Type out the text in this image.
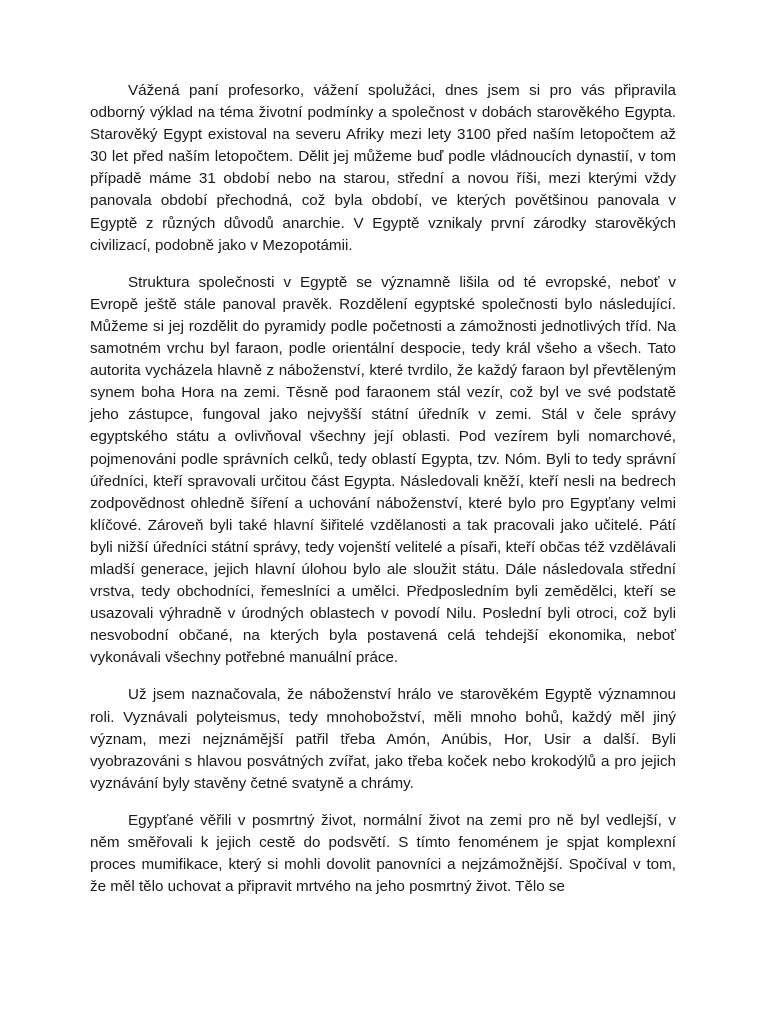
Vážená paní profesorko, vážení spolužáci, dnes jsem si pro vás připravila odborný výklad na téma životní podmínky a společnost v dobách starověkého Egypta. Starověký Egypt existoval na severu Afriky mezi lety 3100 před naším letopočtem až 30 let před naším letopočtem. Dělit jej můžeme buď podle vládnoucích dynastií, v tom případě máme 31 období nebo na starou, střední a novou říši, mezi kterými vždy panovala období přechodná, což byla období, ve kterých povětšinou panovala v Egyptě z různých důvodů anarchie. V Egyptě vznikaly první zárodky starověkých civilizací, podobně jako v Mezopotámii.

Struktura společnosti v Egyptě se významně lišila od té evropské, neboť v Evropě ještě stále panoval pravěk. Rozdělení egyptské společnosti bylo následující. Můžeme si jej rozdělit do pyramidy podle početnosti a zámožnosti jednotlivých tříd. Na samotném vrchu byl faraon, podle orientální despocie, tedy král všeho a všech. Tato autorita vycházela hlavně z náboženství, které tvrdilo, že každý faraon byl převtěleným synem boha Hora na zemi. Těsně pod faraonem stál vezír, což byl ve své podstatě jeho zástupce, fungoval jako nejvyšší státní úředník v zemi. Stál v čele správy egyptského státu a ovlivňoval všechny její oblasti. Pod vezírem byli nomarchové, pojmenováni podle správních celků, tedy oblastí Egypta, tzv. Nóm. Byli to tedy správní úředníci, kteří spravovali určitou část Egypta. Následovali kněží, kteří nesli na bedrech zodpovědnost ohledně šíření a uchování náboženství, které bylo pro Egypťany velmi klíčové. Zároveň byli také hlavní šiřitelé vzdělanosti a tak pracovali jako učitelé. Pátí byli nižší úředníci státní správy, tedy vojenští velitelé a písaři, kteří občas též vzdělávali mladší generace, jejich hlavní úlohou bylo ale sloužit státu. Dále následovala střední vrstva, tedy obchodníci, řemeslníci a umělci. Předposledním byli zemědělci, kteří se usazovali výhradně v úrodných oblastech v povodí Nilu. Poslední byli otroci, což byli nesvobodní občané, na kterých byla postavená celá tehdejší ekonomika, neboť vykonávali všechny potřebné manuální práce.

Už jsem naznačovala, že náboženství hrálo ve starověkém Egyptě významnou roli. Vyznávali polyteismus, tedy mnohobožství, měli mnoho bohů, každý měl jiný význam, mezi nejznámější patřil třeba Amón, Anúbis, Hor, Usir a další. Byli vyobrazováni s hlavou posvátných zvířat, jako třeba koček nebo krokodýlů a pro jejich vyznávání byly stavěny četné svatyně a chrámy.

Egypťané věřili v posmrtný život, normální život na zemi pro ně byl vedlejší, v něm směřovali k jejich cestě do podsvětí. S tímto fenoménem je spjat komplexní proces mumifikace, který si mohli dovolit panovníci a nejzámožnější. Spočíval v tom, že měl tělo uchovat a připravit mrtvého na jeho posmrtný život. Tělo se
